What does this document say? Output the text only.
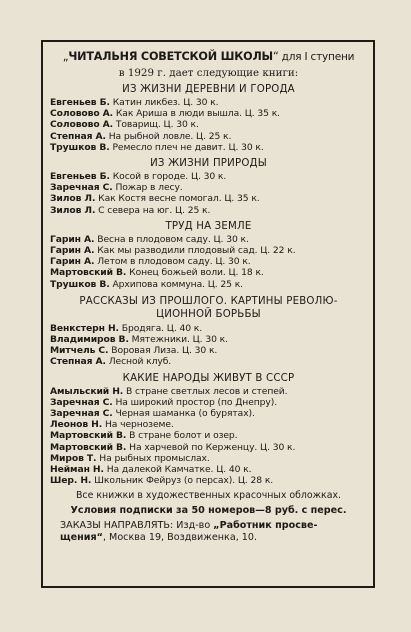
„ЧИТАЛЬНЯ СОВЕТСКОЙ ШКОЛЫ“ для I ступени
в 1929 г. дает следующие книги:
ИЗ ЖИЗНИ ДЕРЕВНИ И ГОРОДА
Евгеньев Б. Катин ликбез. Ц. 30 к.
Соловово А. Как Ариша в люди вышла. Ц. 35 к.
Соловово А. Товарищ. Ц. 30 к.
Степная А. На рыбной ловле. Ц. 25 к.
Трушков В. Ремесло плеч не давит. Ц. 30 к.
ИЗ ЖИЗНИ ПРИРОДЫ
Евгеньев Б. Косой в городе. Ц. 30 к.
Заречная С. Пожар в лесу.
Зилов Л. Как Костя весне помогал. Ц. 35 к.
Зилов Л. С севера на юг. Ц. 25 к.
ТРУД НА ЗЕМЛЕ
Гарин А. Весна в плодовом саду. Ц. 30 к.
Гарин А. Как мы разводили плодовый сад. Ц. 22 к.
Гарин А. Летом в плодовом саду. Ц. 30 к.
Мартовский В. Конец божьей воли. Ц. 18 к.
Трушков В. Архипова коммуна. Ц. 25 к.
РАССКАЗЫ ИЗ ПРОШЛОГО. КАРТИНЫ РЕВОЛЮ-
ЦИОННОЙ БОРЬБЫ
Венкстерн Н. Бродяга. Ц. 40 к.
Владимиров В. Мятежники. Ц. 30 к.
Митчель С. Воровая Лиза. Ц. 30 к.
Степная А. Лесной клуб.
КАКИЕ НАРОДЫ ЖИВУТ В СССР
Амыльский Н. В стране светлых лесов и степей.
Заречная С. На широкий простор (по Днепру).
Заречная С. Черная шаманка (о бурятах).
Леонов Н. На черноземе.
Мартовский В. В стране болот и озер.
Мартовский В. На харчевой по Керженцу. Ц. 30 к.
Миров Т. На рыбных промыслах.
Нейман Н. На далекой Камчатке. Ц. 40 к.
Шер. Н. Школьник Фейруз (о персах). Ц. 28 к.
Все книжки в художественных красочных обложках.
Условия подписки за 50 номеров—8 руб. с перес.
ЗАКАЗЫ НАПРАВЛЯТЬ: Изд-во „Работник просве-
щения“, Москва 19, Воздвиженка, 10.
